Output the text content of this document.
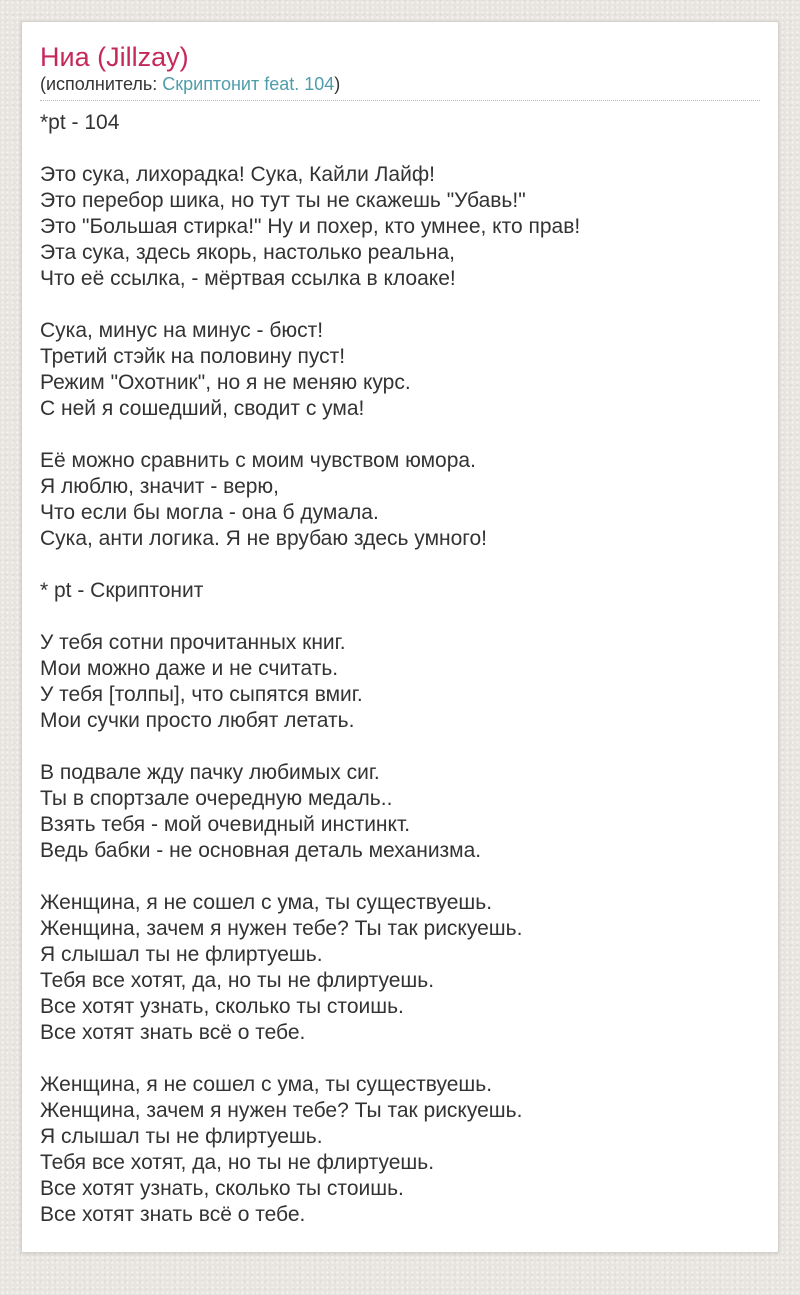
Ниа (Jillzay)
(исполнитель: Скриптонит feat. 104)
*pt - 104
Это сука, лихорадка! Сука, Кайли Лайф!
Это перебор шика, но тут ты не скажешь "Убавь!"
Это "Большая стирка!" Ну и похер, кто умнее, кто прав!
Эта сука, здесь якорь, настолько реальна,
Что её ссылка, - мёртвая ссылка в клоаке!
Сука, минус на минус - бюст!
Третий стэйк на половину пуст!
Режим "Охотник", но я не меняю курс.
С ней я сошедший, сводит с ума!
Её можно сравнить с моим чувством юмора.
Я люблю, значит - верю,
Что если бы могла - она б думала.
Сука, анти логика. Я не врубаю здесь умного!
* pt - Скриптонит
У тебя сотни прочитанных книг.
Мои можно даже и не считать.
У тебя [толпы], что сыпятся вмиг.
Мои сучки просто любят летать.
В подвале жду пачку любимых сиг.
Ты в спортзале очередную медаль..
Взять тебя - мой очевидный инстинкт.
Ведь бабки - не основная деталь механизма.
Женщина, я не сошел с ума, ты существуешь.
Женщина, зачем я нужен тебе? Ты так рискуешь.
Я слышал ты не флиртуешь.
Тебя все хотят, да, но ты не флиртуешь.
Все хотят узнать, сколько ты стоишь.
Все хотят знать всё о тебе.
Женщина, я не сошел с ума, ты существуешь.
Женщина, зачем я нужен тебе? Ты так рискуешь.
Я слышал ты не флиртуешь.
Тебя все хотят, да, но ты не флиртуешь.
Все хотят узнать, сколько ты стоишь.
Все хотят знать всё о тебе.
